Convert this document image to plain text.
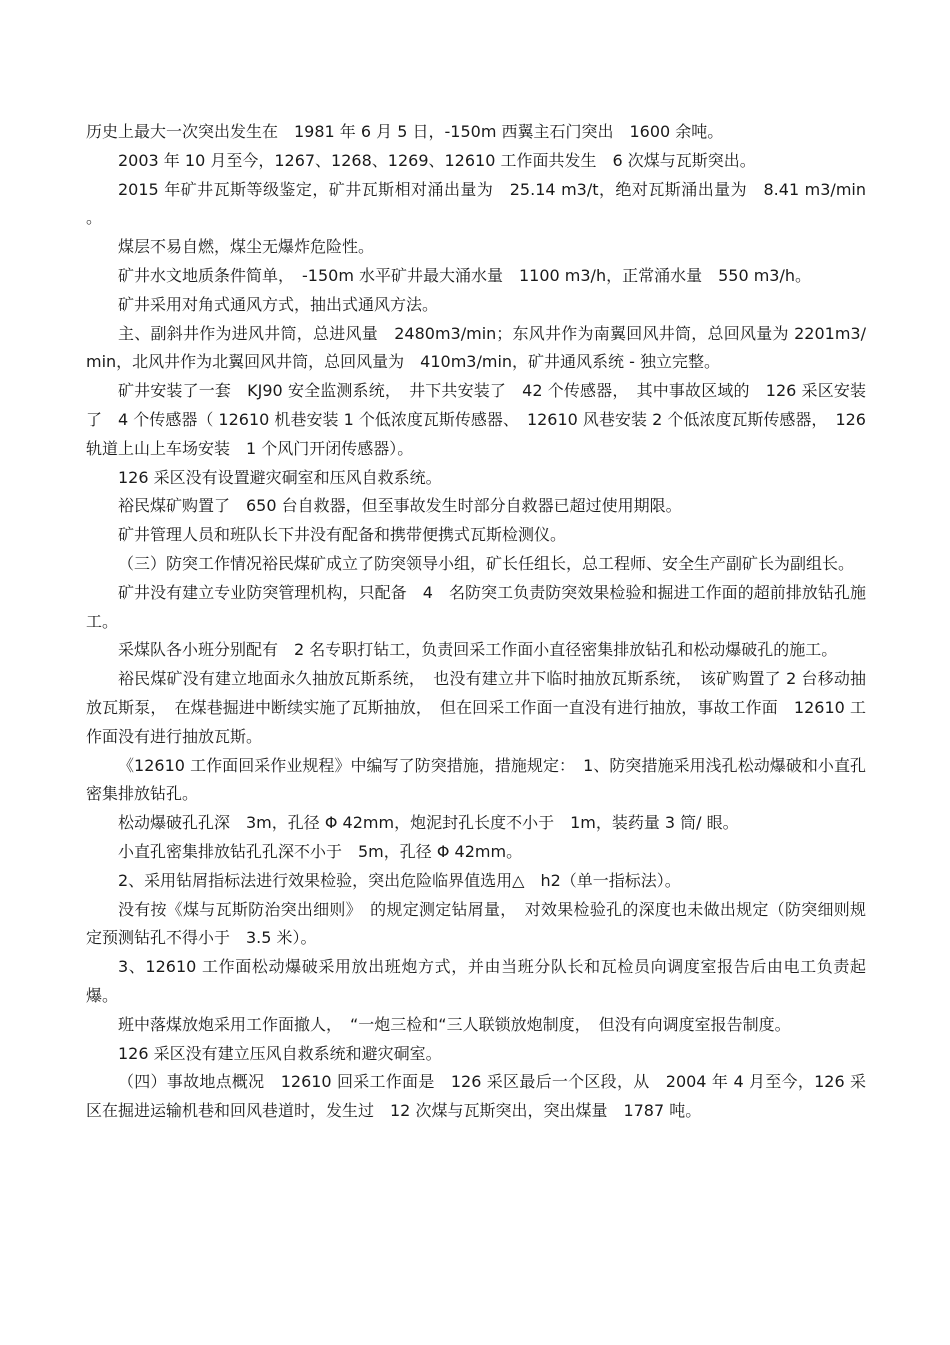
历史上最大一次突出发生在　1981 年 6 月 5 日，-150m 西翼主石门突出　1600 余吨。

2003 年 10 月至今，1267、1268、1269、12610 工作面共发生　6 次煤与瓦斯突出。

2015 年矿井瓦斯等级鉴定，矿井瓦斯相对涌出量为　25.14 m3/t，绝对瓦斯涌出量为　8.41 m3/min 。

煤层不易自燃，煤尘无爆炸危险性。

矿井水文地质条件简单，　-150m 水平矿井最大涌水量　1100 m3/h，正常涌水量　550 m3/h。

矿井采用对角式通风方式，抽出式通风方法。

主、副斜井作为进风井筒，总进风量　2480m3/min；东风井作为南翼回风井筒，总回风量为 2201m3/min，北风井作为北翼回风井筒，总回风量为　410m3/min，矿井通风系统 - 独立完整。

矿井安装了一套　KJ90 安全监测系统，　井下共安装了　42 个传感器，　其中事故区域的　126 采区安装了　4 个传感器（ 12610 机巷安装 1 个低浓度瓦斯传感器、　12610 风巷安装 2 个低浓度瓦斯传感器，　126 轨道上山上车场安装　1 个风门开闭传感器）。

126 采区没有设置避灾硐室和压风自救系统。

裕民煤矿购置了　650 台自救器，但至事故发生时部分自救器已超过使用期限。

矿井管理人员和班队长下井没有配备和携带便携式瓦斯检测仪。

（三）防突工作情况裕民煤矿成立了防突领导小组，矿长任组长，总工程师、安全生产副矿长为副组长。

矿井没有建立专业防突管理机构，只配备　4　名防突工负责防突效果检验和掘进工作面的超前排放钻孔施工。

采煤队各小班分别配有　2 名专职打钻工，负责回采工作面小直径密集排放钻孔和松动爆破孔的施工。

裕民煤矿没有建立地面永久抽放瓦斯系统，　也没有建立井下临时抽放瓦斯系统，　该矿购置了 2 台移动抽放瓦斯泵，　在煤巷掘进中断续实施了瓦斯抽放，　但在回采工作面一直没有进行抽放，事故工作面　12610 工作面没有进行抽放瓦斯。

《12610 工作面回采作业规程》中编写了防突措施，措施规定：　1、防突措施采用浅孔松动爆破和小直孔密集排放钻孔。

松动爆破孔孔深　3m，孔径 Φ 42mm，炮泥封孔长度不小于　1m，装药量 3 筒/ 眼。

小直孔密集排放钻孔孔深不小于　5m，孔径 Φ 42mm。

2、采用钻屑指标法进行效果检验，突出危险临界值选用△　h2（单一指标法）。

没有按《煤与瓦斯防治突出细则》　的规定测定钻屑量，　对效果检验孔的深度也未做出规定（防突细则规定预测钻孔不得小于　3.5 米）。

3、12610 工作面松动爆破采用放出班炮方式，并由当班分队长和瓦检员向调度室报告后由电工负责起爆。

班中落煤放炮采用工作面撤人，　“一炮三检和“三人联锁放炮制度，　但没有向调度室报告制度。

126 采区没有建立压风自救系统和避灾硐室。

（四）事故地点概况　12610 回采工作面是　126 采区最后一个区段，从　2004 年 4 月至今，126 采区在掘进运输机巷和回风巷道时，发生过　12 次煤与瓦斯突出，突出煤量　1787 吨。
